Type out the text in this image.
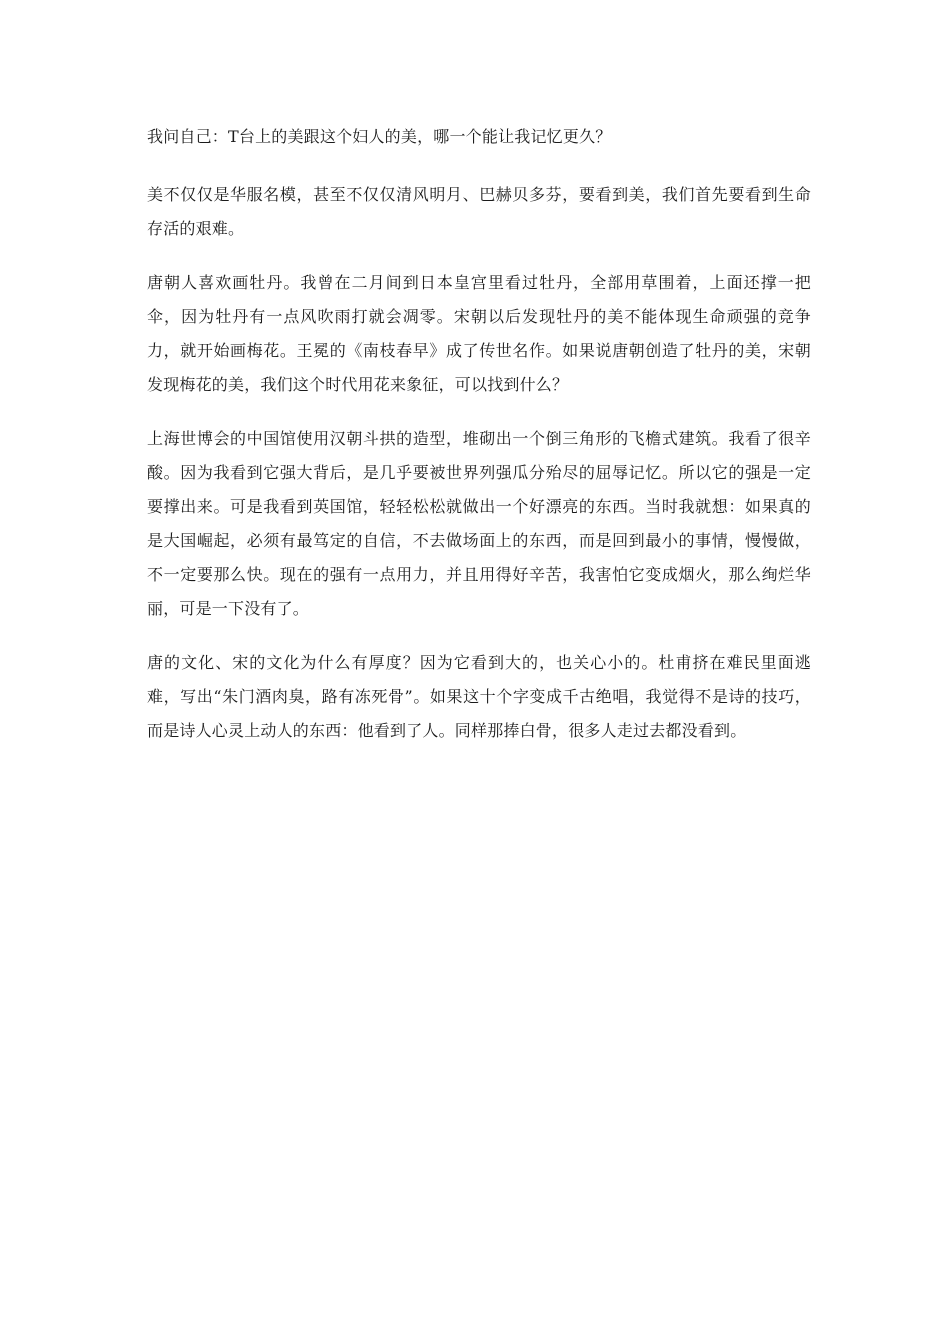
我问自己：T台上的美跟这个妇人的美，哪一个能让我记忆更久？

美不仅仅是华服名模，甚至不仅仅清风明月、巴赫贝多芬，要看到美，我们首先要看到生命存活的艰难。

唐朝人喜欢画牡丹。我曾在二月间到日本皇宫里看过牡丹，全部用草围着，上面还撑一把伞，因为牡丹有一点风吹雨打就会凋零。宋朝以后发现牡丹的美不能体现生命顽强的竞争力，就开始画梅花。王冕的《南枝春早》成了传世名作。如果说唐朝创造了牡丹的美，宋朝发现梅花的美，我们这个时代用花来象征，可以找到什么？

上海世博会的中国馆使用汉朝斗拱的造型，堆砌出一个倒三角形的飞檐式建筑。我看了很辛酸。因为我看到它强大背后，是几乎要被世界列强瓜分殆尽的屈辱记忆。所以它的强是一定要撑出来。可是我看到英国馆，轻轻松松就做出一个好漂亮的东西。当时我就想：如果真的是大国崛起，必须有最笃定的自信，不去做场面上的东西，而是回到最小的事情，慢慢做，不一定要那么快。现在的强有一点用力，并且用得好辛苦，我害怕它变成烟火，那么绚烂华丽，可是一下没有了。

唐的文化、宋的文化为什么有厚度？因为它看到大的，也关心小的。杜甫挤在难民里面逃难，写出“朱门酒肉臭，路有冻死骨”。如果这十个字变成千古绝唱，我觉得不是诗的技巧，而是诗人心灵上动人的东西：他看到了人。同样那捧白骨，很多人走过去都没看到。
